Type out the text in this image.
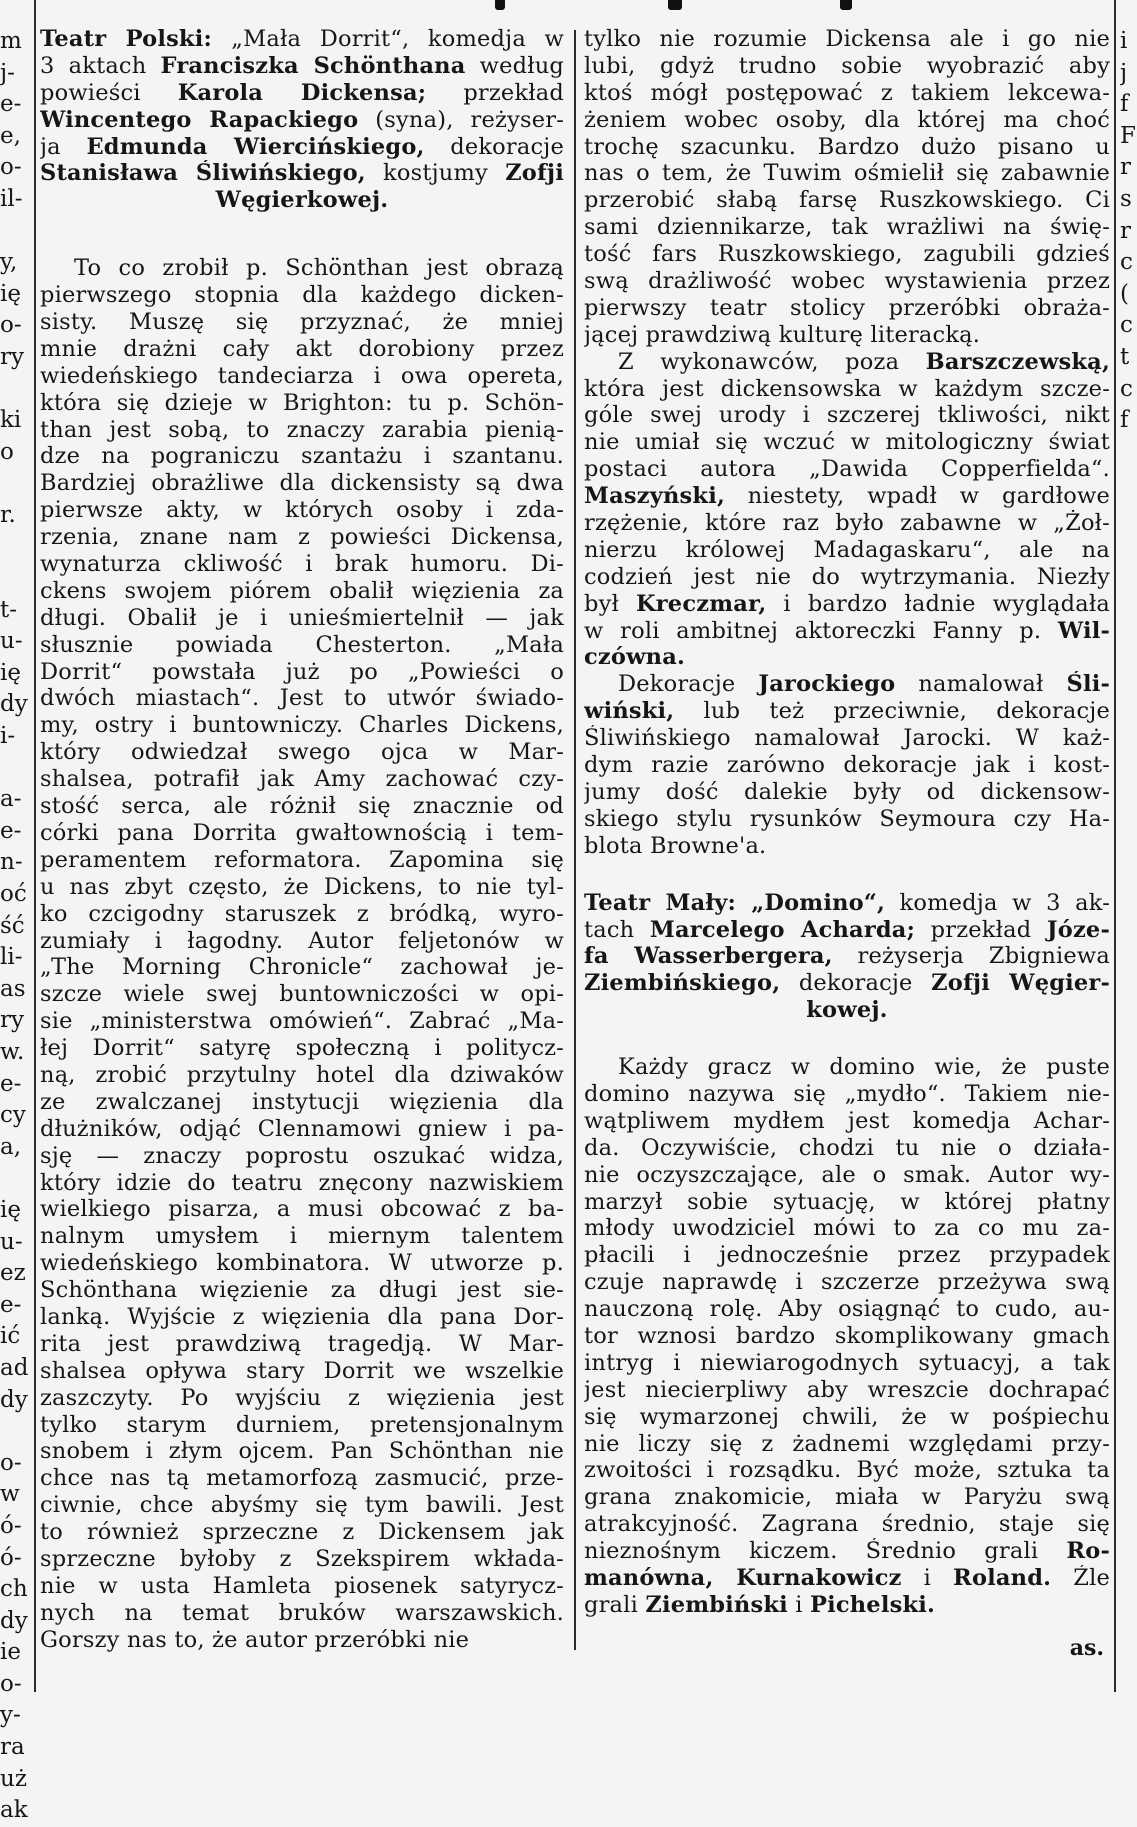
m
j-
e-
e,
o-
il-
y,
ię
o-
ry
ki
o
r.
t-
u-
ię
dy
i-
a-
e-
n-
oć
ść
li-
as
ry
w.
e-
cy
a,
ię
u-
ez
e-
ić
ad
dy
o-
w
ó-
ó-
ch
dy
ie
o-
y-
ra
uż
ak
Teatr Polski: „Mała Dorrit“, komedja w
3 aktach Franciszka Schönthana według
powieści Karola Dickensa; przekład
Wincentego Rapackiego (syna), reżyser-
ja Edmunda Wiercińskiego, dekoracje
Stanisława Śliwińskiego, kostjumy Zofji
Węgierkowej.
To co zrobił p. Schönthan jest obrazą
pierwszego stopnia dla każdego dicken-
sisty. Muszę się przyznać, że mniej
mnie drażni cały akt dorobiony przez
wiedeńskiego tandeciarza i owa operetа,
która się dzieje w Brighton: tu p. Schön-
than jest sobą, to znaczy zarabia pienią-
dze na pograniczu szantażu i szantanu.
Bardziej obrażliwe dla dickensisty są dwa
pierwsze akty, w których osoby i zda-
rzenia, znane nam z powieści Dickensa,
wynaturza ckliwość i brak humoru. Di-
ckens swojem piórem obalił więzienia za
długi. Obalił je i unieśmiertelnił — jak
słusznie powiada Chesterton. „Mała
Dorrit“ powstała już po „Powieści o
dwóch miastach“. Jest to utwór świado-
my, ostry i buntowniczy. Charles Dickens,
który odwiedzał swego ojca w Mar-
shalsea, potrafił jak Amy zachować czy-
stość serca, ale różnił się znacznie od
córki pana Dorrita gwałtownością i tem-
peramentem reformatora. Zapomina się
u nas zbyt często, że Dickens, to nie tyl-
ko czcigodny staruszek z bródką, wyro-
zumiały i łagodny. Autor feljetonów w
„The Morning Chronicle“ zachował je-
szcze wiele swej buntowniczości w opi-
sie „ministerstwa omówień“. Zabrać „Ma-
łej Dorrit“ satyrę społeczną i politycz-
ną, zrobić przytulny hotel dla dziwaków
ze zwalczanej instytucji więzienia dla
dłużników, odjąć Clennamowi gniew i pa-
sję — znaczy poprostu oszukać widza,
który idzie do teatru znęcony nazwiskiem
wielkiego pisarza, a musi obcować z ba-
nalnym umysłem i miernym talentem
wiedeńskiego kombinatora. W utworze p.
Schönthana więzienie za długi jest sie-
lanką. Wyjście z więzienia dla pana Dor-
rita jest prawdziwą tragedją. W Mar-
shalsea opływa stary Dorrit we wszelkie
zaszczyty. Po wyjściu z więzienia jest
tylko starym durniem, pretensjonalnym
snobem i złym ojcem. Pan Schönthan nie
chce nas tą metamorfozą zasmucić, prze-
ciwnie, chce abyśmy się tym bawili. Jest
to również sprzeczne z Dickensem jak
sprzeczne byłoby z Szekspirem wkłada-
nie w usta Hamleta piosenek satyrycz-
nych na temat bruków warszawskich.
Gorszy nas to, że autor przeróbki nie
tylko nie rozumie Dickensa ale i go nie
lubi, gdyż trudno sobie wyobrazić aby
ktoś mógł postępować z takiem lekcewa-
żeniem wobec osoby, dla której ma choć
trochę szacunku. Bardzo dużo pisano u
nas o tem, że Tuwim ośmielił się zabawnie
przerobić słabą farsę Ruszkowskiego. Ci
sami dziennikarze, tak wrażliwi na świę-
tość fars Ruszkowskiego, zagubili gdzieś
swą drażliwość wobec wystawienia przez
pierwszy teatr stolicy przeróbki obraża-
jącej prawdziwą kulturę literacką.
Z wykonawców, poza Barszczewską,
która jest dickensowska w każdym szcze-
góle swej urody i szczerej tkliwości, nikt
nie umiał się wczuć w mitologiczny świat
postaci autora „Dawida Copperfielda“.
Maszyński, niestety, wpadł w gardłowe
rzężenie, które raz było zabawne w „Żoł-
nierzu królowej Madagaskaru“, ale na
codzień jest nie do wytrzymania. Niezły
był Kreczmar, i bardzo ładnie wyglądała
w roli ambitnej aktoreczki Fanny p. Wil-
czówna.
Dekoracje Jarockiego namalował Śli-
wiński, lub też przeciwnie, dekoracje
Śliwińskiego namalował Jarocki. W każ-
dym razie zarówno dekoracje jak i kost-
jumy dość dalekie były od dickensow-
skiego stylu rysunków Seymoura czy Ha-
blota Browne'a.
Teatr Mały: „Domino“, komedja w 3 ak-
tach Marcelego Acharda; przekład Józe-
fa Wasserbergera, reżyserja Zbigniewa
Ziembińskiego, dekoracje Zofji Węgier-
kowej.
Każdy gracz w domino wie, że puste
domino nazywa się „mydło“. Takiem nie-
wątpliwem mydłem jest komedja Achar-
da. Oczywiście, chodzi tu nie o działa-
nie oczyszczające, ale o smak. Autor wy-
marzył sobie sytuację, w której płatny
młody uwodziciel mówi to za co mu za-
płacili i jednocześnie przez przypadek
czuje naprawdę i szczerze przeżywa swą
nauczoną rolę. Aby osiągnąć to cudo, au-
tor wznosi bardzo skomplikowany gmach
intryg i niewiarogodnych sytuacyj, a tak
jest niecierpliwy aby wreszcie dochrapać
się wymarzonej chwili, że w pośpiechu
nie liczy się z żadnemi względami przy-
zwoitości i rozsądku. Być może, sztuka ta
grana znakomicie, miała w Paryżu swą
atrakcyjność. Zagrana średnio, staje się
nieznośnym kiczem. Średnio grali Ro-
manówna, Kurnakowicz i Roland. Źle
grali Ziembiński i Pichelski.
as.
i
j
f
F
r
s
r
c
(
c
t
c
f
